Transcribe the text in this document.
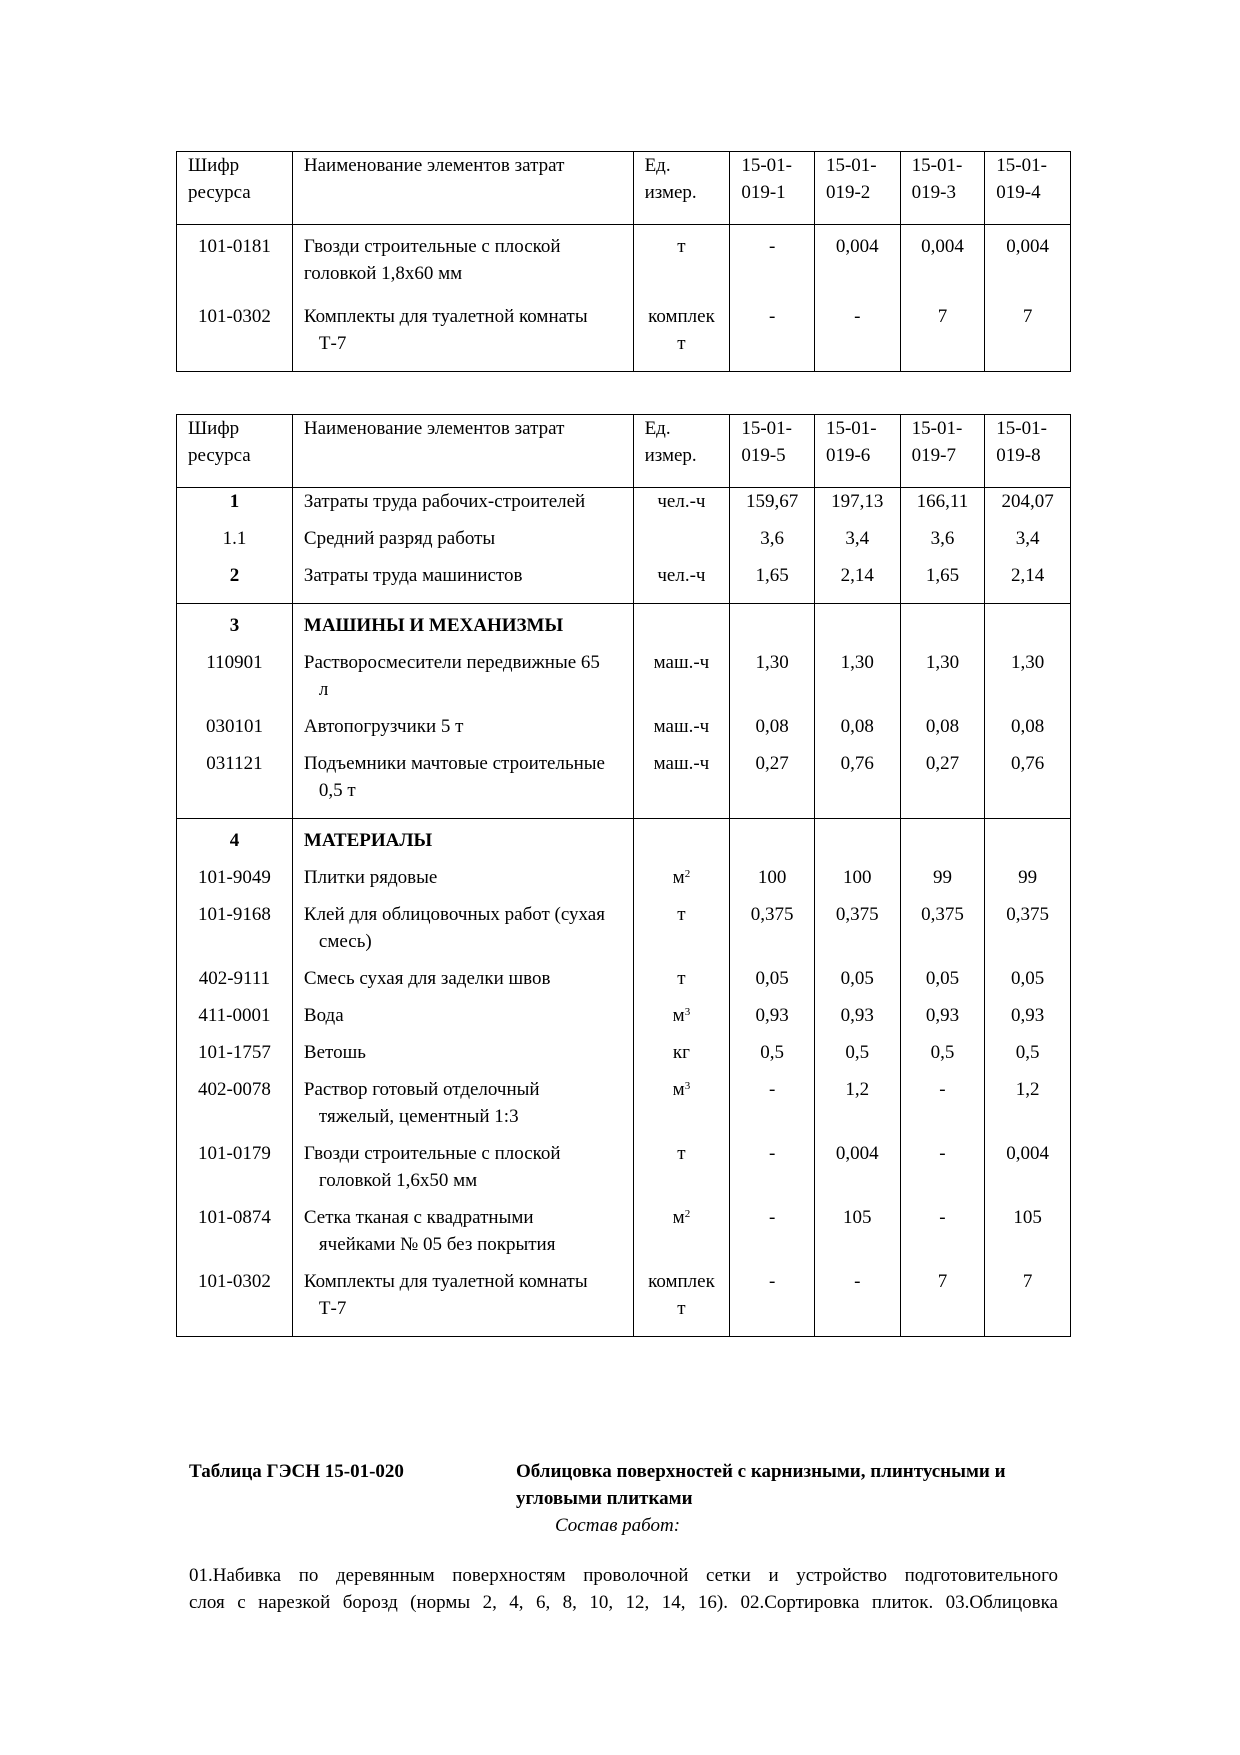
Шифр ресурса	Наименование элементов затрат	Ед. измер.	15-01-019-1	15-01-019-2	15-01-019-3	15-01-019-4
101-0181	Гвозди строительные с плоской головкой 1,8х60 мм	т	-	0,004	0,004	0,004
101-0302	Комплекты для туалетной комнаты Т-7	комплект	-	-	7	7
Шифр ресурса	Наименование элементов затрат	Ед. измер.	15-01-019-5	15-01-019-6	15-01-019-7	15-01-019-8
1	Затраты труда рабочих-строителей	чел.-ч	159,67	197,13	166,11	204,07
1.1	Средний разряд работы		3,6	3,4	3,6	3,4
2	Затраты труда машинистов	чел.-ч	1,65	2,14	1,65	2,14
3	МАШИНЫ И МЕХАНИЗМЫ					

110901	Растворосмесители передвижные 65 л	маш.-ч	1,30	1,30	1,30	1,30
030101	Автопогрузчики 5 т	маш.-ч	0,08	0,08	0,08	0,08
031121	Подъемники мачтовые строительные 0,5 т	маш.-ч	0,27	0,76	0,27	0,76
4	МАТЕРИАЛЫ					

101-9049	Плитки рядовые	$м^2$	100	100	99	99
101-9168	Клей для облицовочных работ (сухая смесь)	т	0,375	0,375	0,375	0,375
402-9111	Смесь сухая для заделки швов	т	0,05	0,05	0,05	0,05
411-0001	Вода	$м^3$	0,93	0,93	0,93	0,93
101-1757	Ветошь	кг	0,5	0,5	0,5	0,5
402-0078	Раствор готовый отделочный тяжелый, цементный 1:3	$м^3$	-	1,2	-	1,2
101-0179	Гвозди строительные с плоской головкой 1,6х50 мм	т	-	0,004	-	0,004
101-0874	Сетка тканая с квадратными ячейками № 05 без покрытия	$м^2$	-	105	-	105
101-0302	Комплекты для туалетной комнаты Т-7	комплект	-	-	7	7
Таблица ГЭСН 15-01-020	Облицовка поверхностей с карнизными, плинтусными и угловыми плитками
Состав работ:
01.Набивка по деревянным поверхностям проволочной сетки и устройство подготовительного
слоя с нарезкой борозд (нормы 2, 4, 6, 8, 10, 12, 14, 16). 02.Сортировка плиток. 03.Облицовка
